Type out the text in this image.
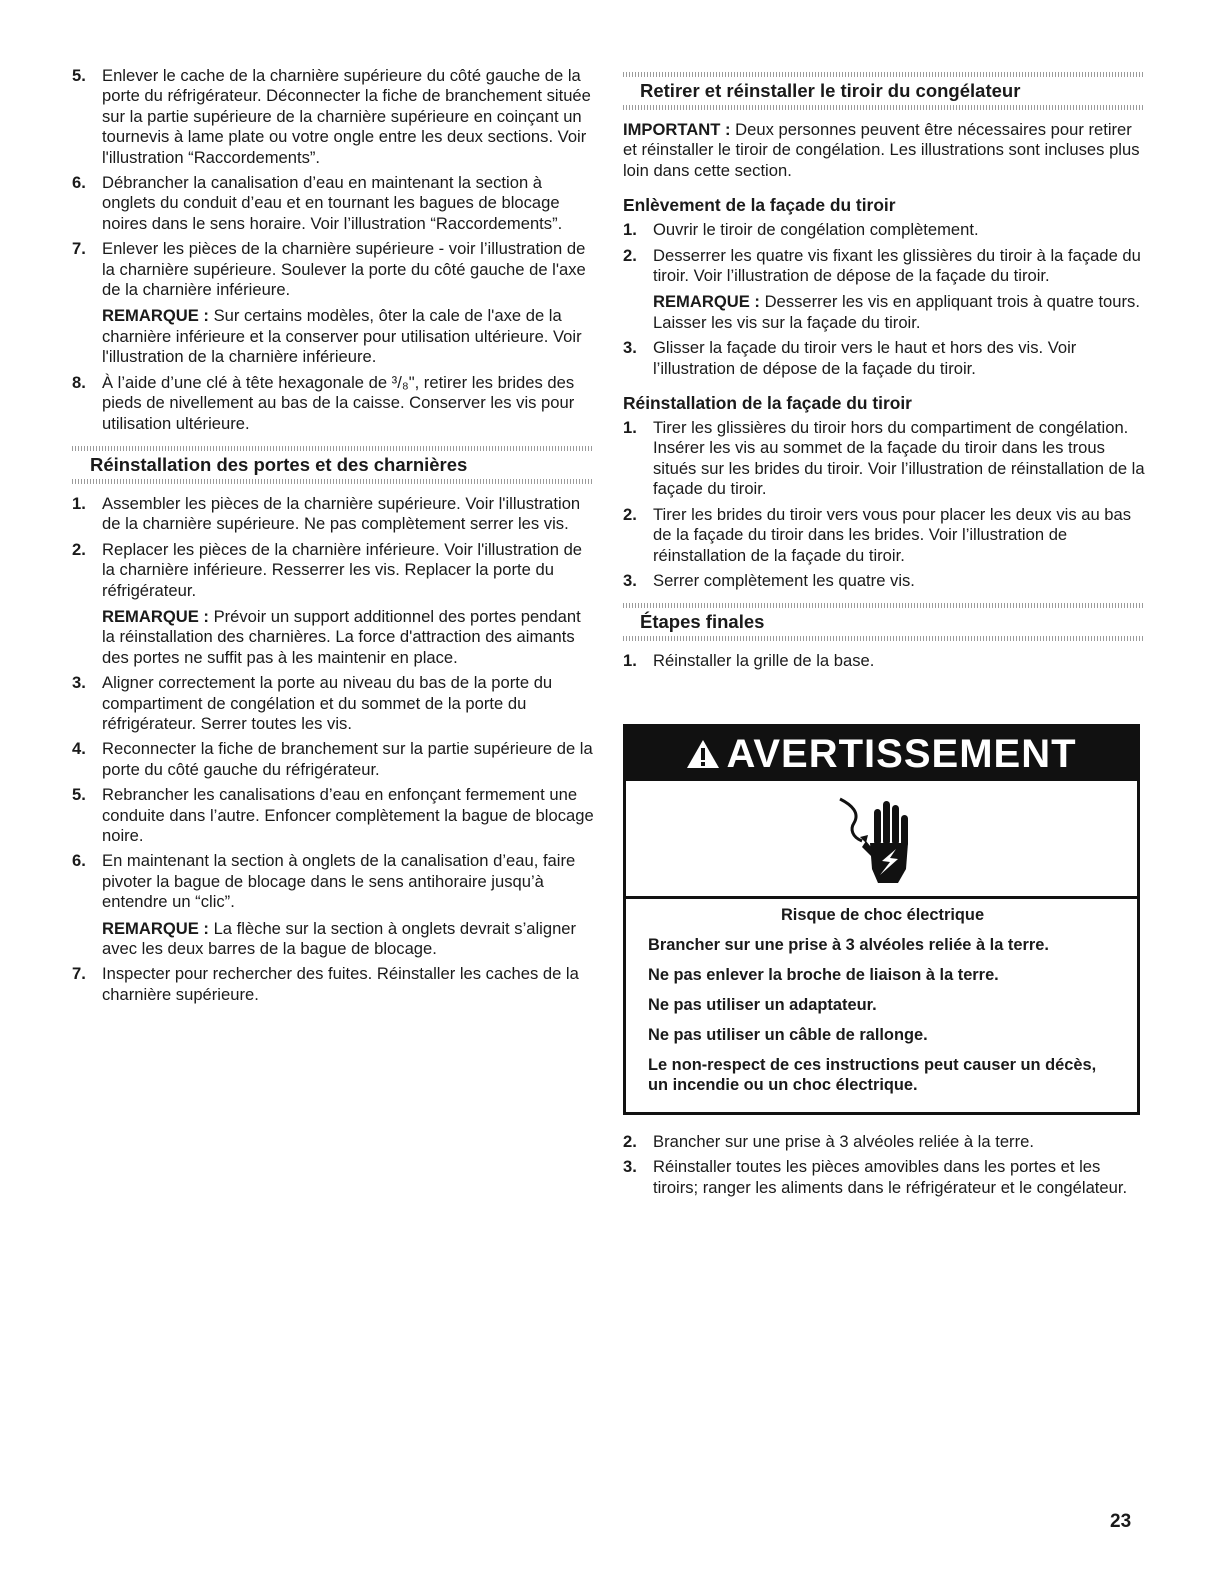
5. Enlever le cache de la charnière supérieure du côté gauche de la porte du réfrigérateur. Déconnecter la fiche de branchement située sur la partie supérieure de la charnière supérieure en coinçant un tournevis à lame plate ou votre ongle entre les deux sections. Voir l'illustration “Raccordements”.
6. Débrancher la canalisation d’eau en maintenant la section à onglets du conduit d’eau et en tournant les bagues de blocage noires dans le sens horaire. Voir l’illustration “Raccordements”.
7. Enlever les pièces de la charnière supérieure - voir l’illustration de la charnière supérieure. Soulever la porte du côté gauche de l'axe de la charnière inférieure.

REMARQUE : Sur certains modèles, ôter la cale de l'axe de la charnière inférieure et la conserver pour utilisation ultérieure. Voir l'illustration de la charnière inférieure.

8. À l’aide d’une clé à tête hexagonale de ³/₈", retirer les brides des pieds de nivellement au bas de la caisse. Conserver les vis pour utilisation ultérieure.
Réinstallation des portes et des charnières
1. Assembler les pièces de la charnière supérieure. Voir l'illustration de la charnière supérieure. Ne pas complètement serrer les vis.
2. Replacer les pièces de la charnière inférieure. Voir l'illustration de la charnière inférieure. Resserrer les vis. Replacer la porte du réfrigérateur.

REMARQUE : Prévoir un support additionnel des portes pendant la réinstallation des charnières. La force d'attraction des aimants des portes ne suffit pas à les maintenir en place.

3. Aligner correctement la porte au niveau du bas de la porte du compartiment de congélation et du sommet de la porte du réfrigérateur. Serrer toutes les vis.
4. Reconnecter la fiche de branchement sur la partie supérieure de la porte du côté gauche du réfrigérateur.
5. Rebrancher les canalisations d’eau en enfonçant fermement une conduite dans l’autre. Enfoncer complètement la bague de blocage noire.
6. En maintenant la section à onglets de la canalisation d’eau, faire pivoter la bague de blocage dans le sens antihoraire jusqu’à entendre un “clic”.

REMARQUE : La flèche sur la section à onglets devrait s’aligner avec les deux barres de la bague de blocage.

7. Inspecter pour rechercher des fuites. Réinstaller les caches de la charnière supérieure.
Retirer et réinstaller le tiroir du congélateur

IMPORTANT : Deux personnes peuvent être nécessaires pour retirer et réinstaller le tiroir de congélation. Les illustrations sont incluses plus loin dans cette section.

Enlèvement de la façade du tiroir
1. Ouvrir le tiroir de congélation complètement.
2. Desserrer les quatre vis fixant les glissières du tiroir à la façade du tiroir. Voir l’illustration de dépose de la façade du tiroir.

REMARQUE : Desserrer les vis en appliquant trois à quatre tours. Laisser les vis sur la façade du tiroir.

3. Glisser la façade du tiroir vers le haut et hors des vis. Voir l’illustration de dépose de la façade du tiroir.
Réinstallation de la façade du tiroir
1. Tirer les glissières du tiroir hors du compartiment de congélation. Insérer les vis au sommet de la façade du tiroir dans les trous situés sur les brides du tiroir. Voir l’illustration de réinstallation de la façade du tiroir.
2. Tirer les brides du tiroir vers vous pour placer les deux vis au bas de la façade du tiroir dans les brides. Voir l’illustration de réinstallation de la façade du tiroir.
3. Serrer complètement les quatre vis.
Étapes finales
1. Réinstaller la grille de la base.
AVERTISSEMENT

Risque de choc électrique

Brancher sur une prise à 3 alvéoles reliée à la terre.

Ne pas enlever la broche de liaison à la terre.

Ne pas utiliser un adaptateur.

Ne pas utiliser un câble de rallonge.

Le non-respect de ces instructions peut causer un décès, un incendie ou un choc électrique.

2. Brancher sur une prise à 3 alvéoles reliée à la terre.
3. Réinstaller toutes les pièces amovibles dans les portes et les tiroirs; ranger les aliments dans le réfrigérateur et le congélateur.
23
